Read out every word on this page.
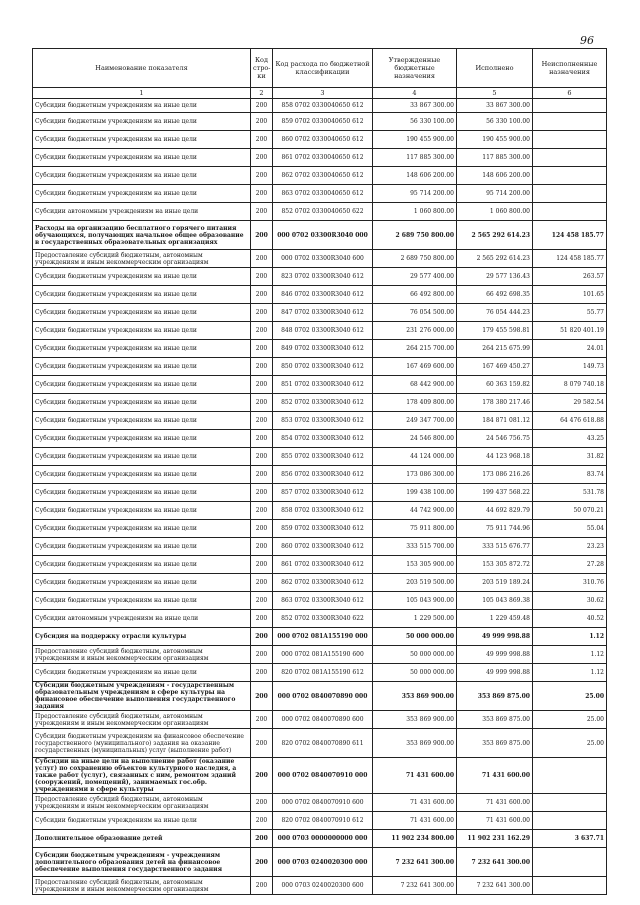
96
Наименование показателя	Код стро-ки	Код расхода по бюджетной классификации	Утвержденные бюджетные назначения	Исполнено	Неисполненные назначения
1	2	3	4	5	6
Субсидии бюджетным учреждениям на иные цели	200	858 0702 0330040650 612	33 867 300.00	33 867 300.00	
Субсидии бюджетным учреждениям на иные цели	200	859 0702 0330040650 612	56 330 100.00	56 330 100.00	
Субсидии бюджетным учреждениям на иные цели	200	860 0702 0330040650 612	190 455 900.00	190 455 900.00	
Субсидии бюджетным учреждениям на иные цели	200	861 0702 0330040650 612	117 885 300.00	117 885 300.00	
Субсидии бюджетным учреждениям на иные цели	200	862 0702 0330040650 612	148 606 200.00	148 606 200.00	
Субсидии бюджетным учреждениям на иные цели	200	863 0702 0330040650 612	95 714 200.00	95 714 200.00	
Субсидии автономным учреждениям на иные цели	200	852 0702 0330040650 622	1 060 800.00	1 060 800.00	
Расходы на организацию бесплатного горячего питания обучающихся, получающих начальное общее образование в государственных образовательных организациях	200	000 0702 03300R3040 000	2 689 750 800.00	2 565 292 614.23	124 458 185.77
Предоставление субсидий бюджетным, автономным учреждениям и иным некоммерческим организациям	200	000 0702 03300R3040 600	2 689 750 800.00	2 565 292 614.23	124 458 185.77
Субсидии бюджетным учреждениям на иные цели	200	823 0702 03300R3040 612	29 577 400.00	29 577 136.43	263.57
Субсидии бюджетным учреждениям на иные цели	200	846 0702 03300R3040 612	66 492 800.00	66 492 698.35	101.65
Субсидии бюджетным учреждениям на иные цели	200	847 0702 03300R3040 612	76 054 500.00	76 054 444.23	55.77
Субсидии бюджетным учреждениям на иные цели	200	848 0702 03300R3040 612	231 276 000.00	179 455 598.81	51 820 401.19
Субсидии бюджетным учреждениям на иные цели	200	849 0702 03300R3040 612	264 215 700.00	264 215 675.99	24.01
Субсидии бюджетным учреждениям на иные цели	200	850 0702 03300R3040 612	167 469 600.00	167 469 450.27	149.73
Субсидии бюджетным учреждениям на иные цели	200	851 0702 03300R3040 612	68 442 900.00	60 363 159.82	8 079 740.18
Субсидии бюджетным учреждениям на иные цели	200	852 0702 03300R3040 612	178 409 800.00	178 380 217.46	29 582.54
Субсидии бюджетным учреждениям на иные цели	200	853 0702 03300R3040 612	249 347 700.00	184 871 081.12	64 476 618.88
Субсидии бюджетным учреждениям на иные цели	200	854 0702 03300R3040 612	24 546 800.00	24 546 756.75	43.25
Субсидии бюджетным учреждениям на иные цели	200	855 0702 03300R3040 612	44 124 000.00	44 123 968.18	31.82
Субсидии бюджетным учреждениям на иные цели	200	856 0702 03300R3040 612	173 086 300.00	173 086 216.26	83.74
Субсидии бюджетным учреждениям на иные цели	200	857 0702 03300R3040 612	199 438 100.00	199 437 568.22	531.78
Субсидии бюджетным учреждениям на иные цели	200	858 0702 03300R3040 612	44 742 900.00	44 692 829.79	50 070.21
Субсидии бюджетным учреждениям на иные цели	200	859 0702 03300R3040 612	75 911 800.00	75 911 744.96	55.04
Субсидии бюджетным учреждениям на иные цели	200	860 0702 03300R3040 612	333 515 700.00	333 515 676.77	23.23
Субсидии бюджетным учреждениям на иные цели	200	861 0702 03300R3040 612	153 305 900.00	153 305 872.72	27.28
Субсидии бюджетным учреждениям на иные цели	200	862 0702 03300R3040 612	203 519 500.00	203 519 189.24	310.76
Субсидии бюджетным учреждениям на иные цели	200	863 0702 03300R3040 612	105 043 900.00	105 043 869.38	30.62
Субсидии автономным учреждениям на иные цели	200	852 0702 03300R3040 622	1 229 500.00	1 229 459.48	40.52
Субсидия на поддержку отрасли культуры	200	000 0702 081A155190 000	50 000 000.00	49 999 998.88	1.12
Предоставление субсидий бюджетным, автономным учреждениям и иным некоммерческим организациям	200	000 0702 081A155190 600	50 000 000.00	49 999 998.88	1.12
Субсидии бюджетным учреждениям на иные цели	200	820 0702 081A155190 612	50 000 000.00	49 999 998.88	1.12
Субсидии бюджетным учреждениям - государственным образовательным учреждениям в сфере культуры на финансовое обеспечение выполнения государственного задания	200	000 0702 0840070890 000	353 869 900.00	353 869 875.00	25.00
Предоставление субсидий бюджетным, автономным учреждениям и иным некоммерческим организациям	200	000 0702 0840070890 600	353 869 900.00	353 869 875.00	25.00
Субсидии бюджетным учреждениям на финансовое обеспечение государственного (муниципального) задания на оказание государственных (муниципальных) услуг (выполнение работ)	200	820 0702 0840070890 611	353 869 900.00	353 869 875.00	25.00
Субсидии на иные цели на выполнение работ (оказание услуг) по сохранению объектов культурного наследия, а также работ (услуг), связанных с ним, ремонтом зданий (сооружений, помещений), занимаемых гос.обр. учреждениями в сфере культуры	200	000 0702 0840070910 000	71 431 600.00	71 431 600.00	
Предоставление субсидий бюджетным, автономным учреждениям и иным некоммерческим организациям	200	000 0702 0840070910 600	71 431 600.00	71 431 600.00	
Субсидии бюджетным учреждениям на иные цели	200	820 0702 0840070910 612	71 431 600.00	71 431 600.00	
Дополнительное образование детей	200	000 0703 0000000000 000	11 902 234 800.00	11 902 231 162.29	3 637.71
Субсидии бюджетным учреждениям - учреждениям дополнительного образования детей на финансовое обеспечение выполнения государственного задания	200	000 0703 0240020300 000	7 232 641 300.00	7 232 641 300.00	
Предоставление субсидий бюджетным, автономным учреждениям и иным некоммерческим организациям	200	000 0703 0240020300 600	7 232 641 300.00	7 232 641 300.00	
